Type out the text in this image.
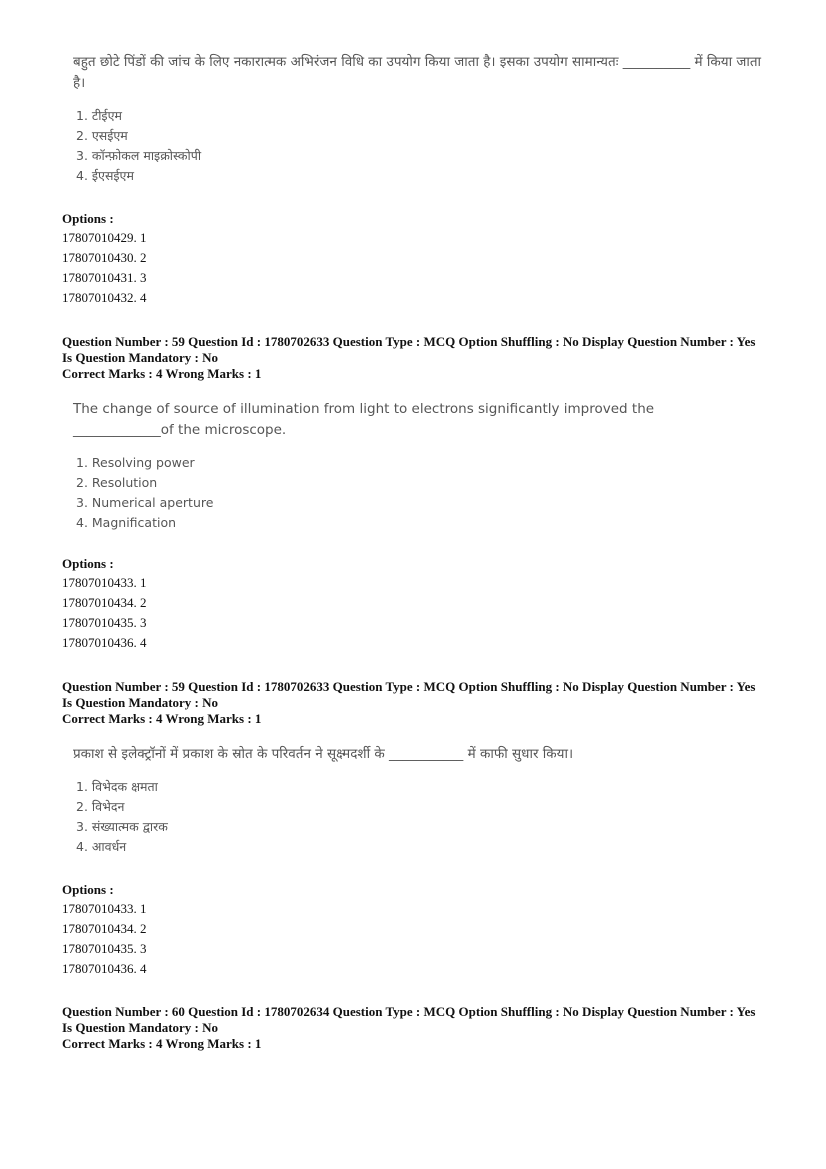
बहुत छोटे पिंडों की जांच के लिए नकारात्मक अभिरंजन विधि का उपयोग किया जाता है। इसका उपयोग सामान्यतः __________ में किया जाता है।
1. टीईएम
2. एसईएम
3. कॉन्फ़ोकल माइक्रोस्कोपी
4. ईएसईएम
Options :
17807010429. 1
17807010430. 2
17807010431. 3
17807010432. 4
Question Number : 59 Question Id : 1780702633 Question Type : MCQ Option Shuffling : No Display Question Number : Yes
Is Question Mandatory : No
Correct Marks : 4 Wrong Marks : 1
The change of source of illumination from light to electrons significantly improved the _____________of the microscope.
1. Resolving power
2. Resolution
3. Numerical aperture
4. Magnification
Options :
17807010433. 1
17807010434. 2
17807010435. 3
17807010436. 4
Question Number : 59 Question Id : 1780702633 Question Type : MCQ Option Shuffling : No Display Question Number : Yes
Is Question Mandatory : No
Correct Marks : 4 Wrong Marks : 1
प्रकाश से इलेक्ट्रॉनों में प्रकाश के स्रोत के परिवर्तन ने सूक्ष्मदर्शी के ___________ में काफी सुधार किया।
1. विभेदक क्षमता
2. विभेदन
3. संख्यात्मक द्वारक
4. आवर्धन
Options :
17807010433. 1
17807010434. 2
17807010435. 3
17807010436. 4
Question Number : 60 Question Id : 1780702634 Question Type : MCQ Option Shuffling : No Display Question Number : Yes
Is Question Mandatory : No
Correct Marks : 4 Wrong Marks : 1
